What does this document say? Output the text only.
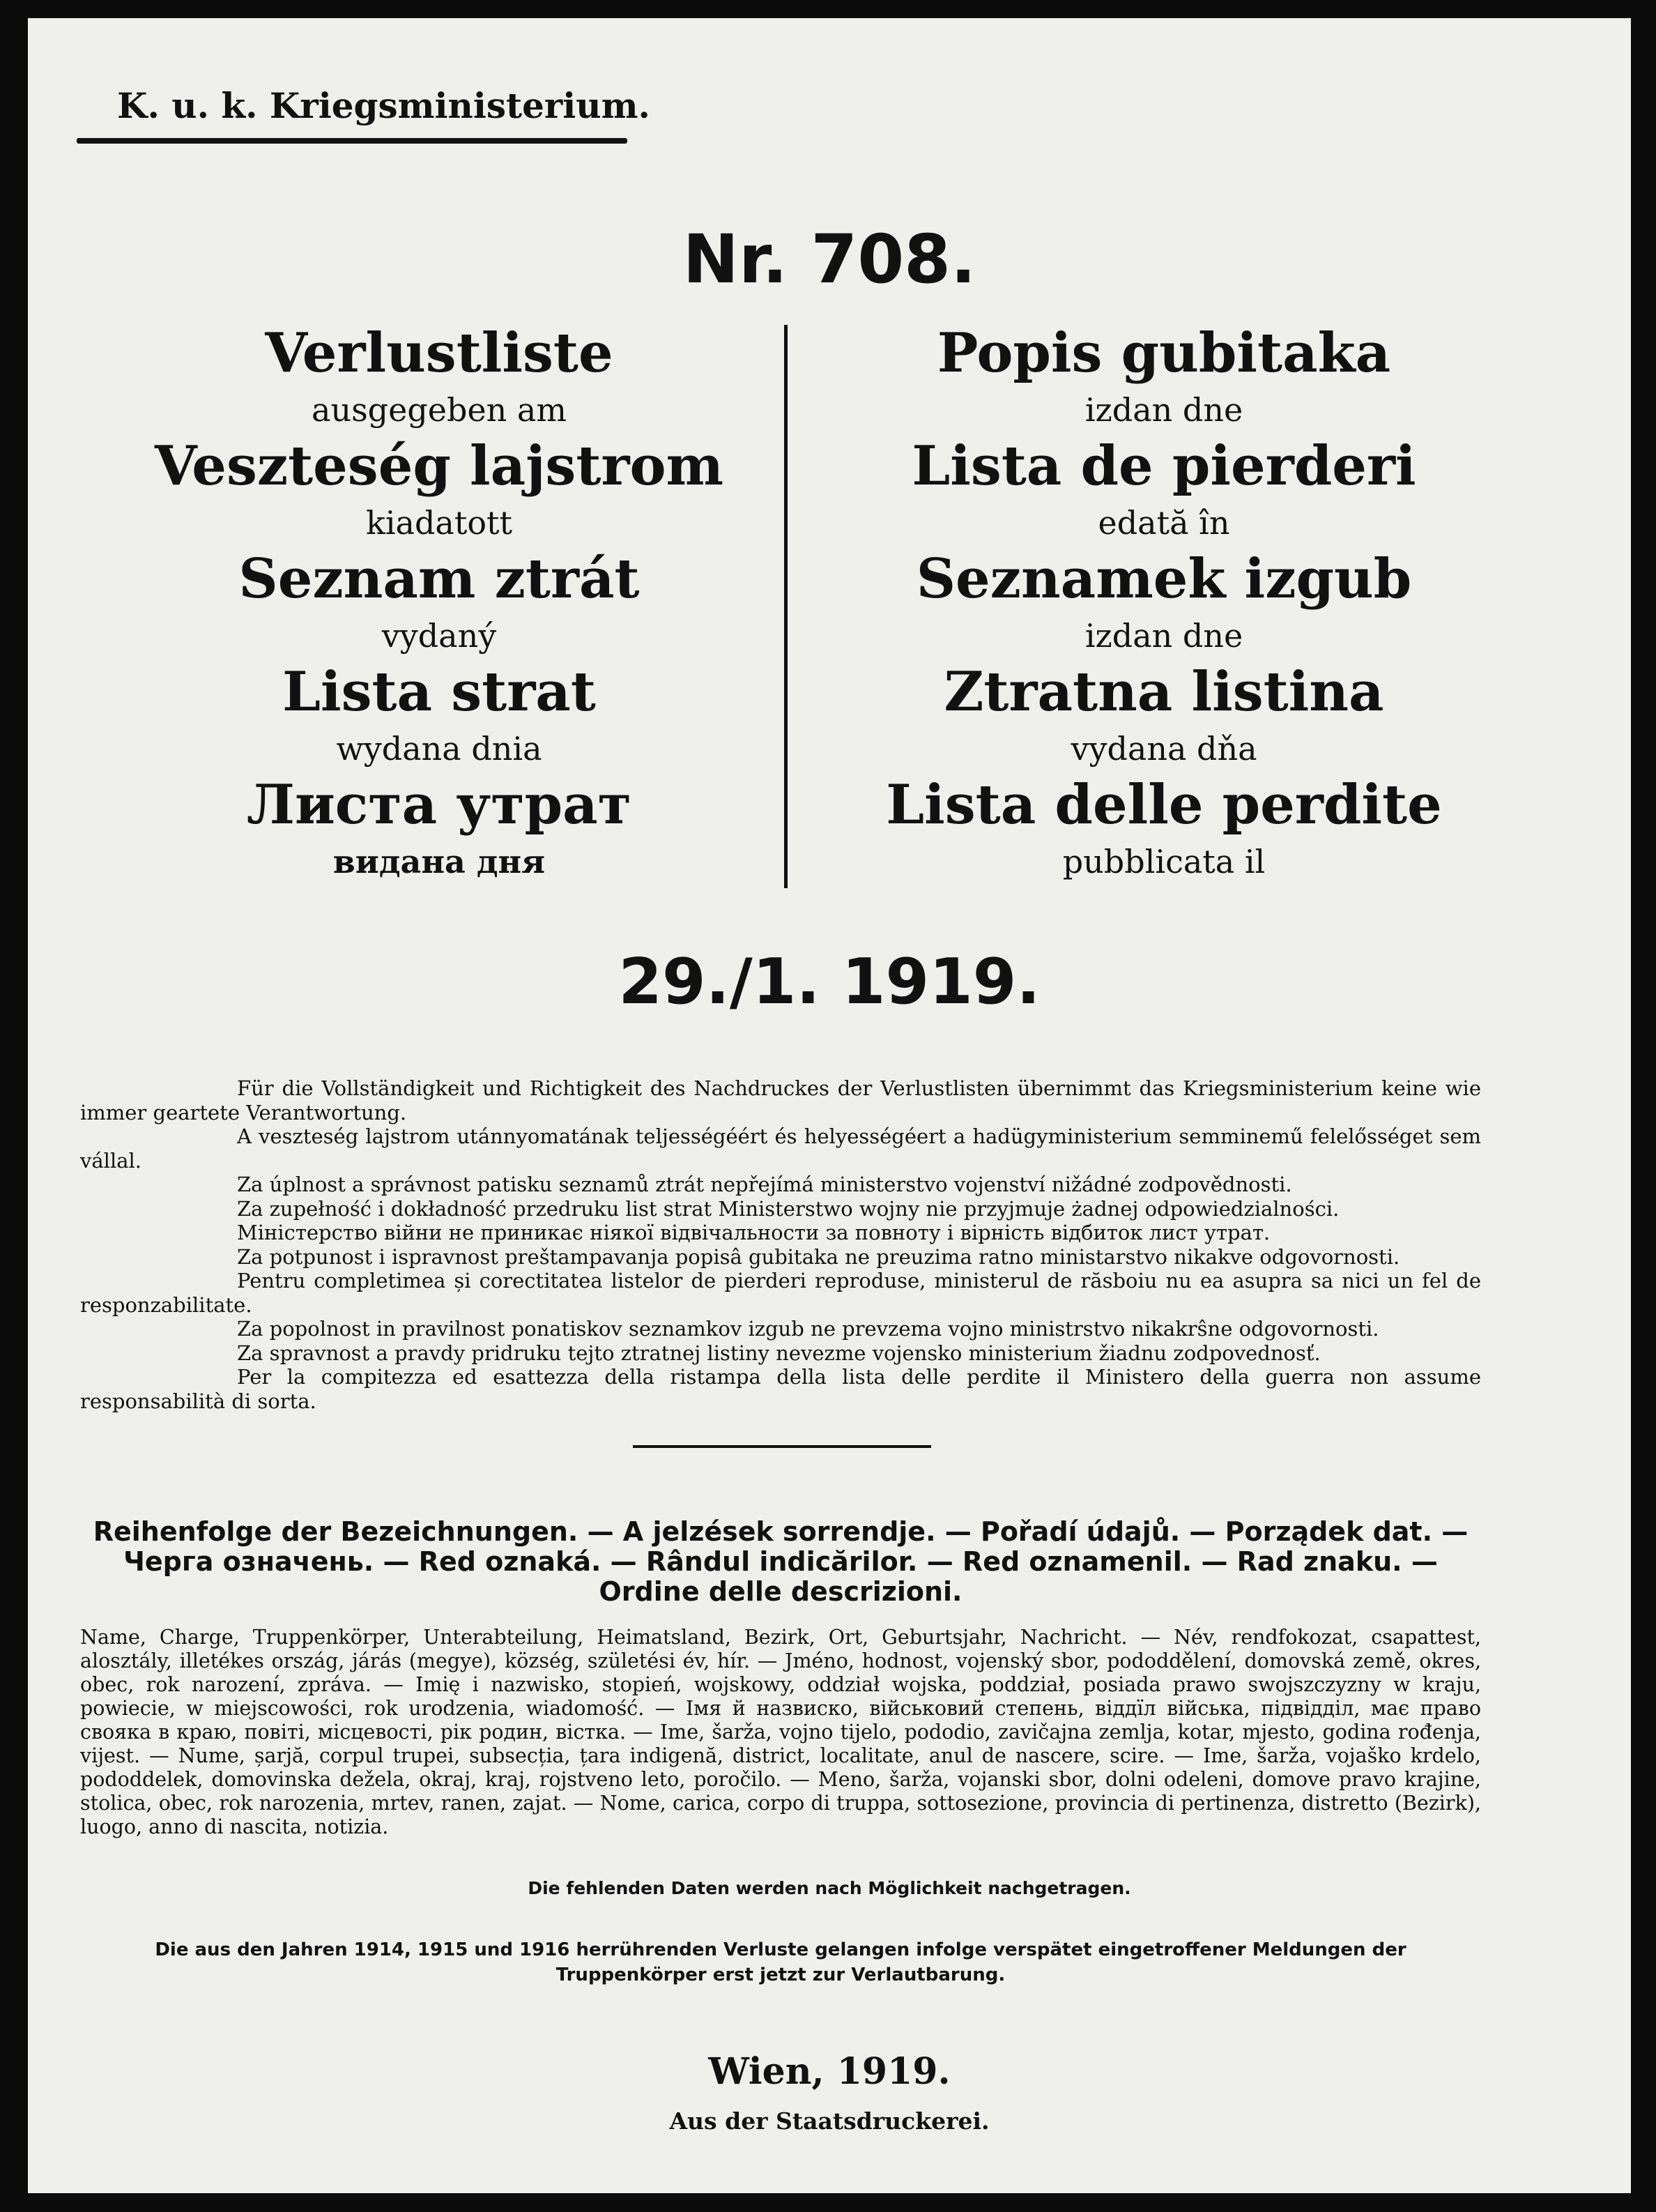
K. u. k. Kriegsministerium.
Nr. 708.
Verlustliste
ausgegeben am
Veszteség lajstrom
kiadatott
Seznam ztrát
vydaný
Lista strat
wydana dnia
Листа утрат
видана дня
Popis gubitaka
izdan dne
Lista de pierderi
edată în
Seznamek izgub
izdan dne
Ztratna listina
vydana dňa
Lista delle perdite
pubblicata il
29./1. 1919.

Für die Vollständigkeit und Richtigkeit des Nachdruckes der Verlustlisten übernimmt das Kriegsministerium keine wie immer geartete Verantwortung.

A veszteség lajstrom utánnyomatának teljességéért és helyességéert a hadügyministerium semminemű felelősséget sem vállal.

Za úplnost a správnost patisku seznamů ztrát nepřejímá ministerstvo vojenství nižádné zodpovědnosti.

Za zupełność i dokładność przedruku list strat Ministerstwo wojny nie przyjmuje żadnej odpowiedzialności.

Міністерство війни не приникає ніякої відвічальности за повноту і вірність відбиток лист утрат.

Za potpunost i ispravnost preštampavanja popisâ gubitaka ne preuzima ratno ministarstvo nikakve odgovornosti.

Pentru completimea și corectitatea listelor de pierderi reproduse, ministerul de răsboiu nu ea asupra sa nici un fel de responzabilitate.

Za popolnost in pravilnost ponatiskov seznamkov izgub ne prevzema vojno ministrstvo nikakrŝne odgovornosti.

Za spravnost a pravdy pridruku tejto ztratnej listiny nevezme vojensko ministerium žiadnu zodpovednosť.

Per la compitezza ed esattezza della ristampa della lista delle perdite il Ministero della guerra non assume responsabilità di sorta.

Reihenfolge der Bezeichnungen. — A jelzések sorrendje. — Pořadí údajů. — Porządek dat. —
Черга означень. — Red oznaká. — Rândul indicărilor. — Red oznamenil. — Rad znaku. —
Ordine delle descrizioni.
Name, Charge, Truppenkörper, Unterabteilung, Heimatsland, Bezirk, Ort, Geburtsjahr, Nachricht. — Név, rendfokozat, csapattest, alosztály, illetékes ország, járás (megye), község, születési év, hír. — Jméno, hodnost, vojenský sbor, pododdělení, domovská země, okres, obec, rok narození, zpráva. — Imię i nazwisko, stopień, wojskowy, oddział wojska, poddział, posiada prawo swojszczyzny w kraju, powiecie, w miejscowości, rok urodzenia, wiadomość. — Імя й назвиско, військовий степень, віддїл війська, підвідділ, має право свояка в краю, повіті, місцевості, рік родин, вістка. — Ime, šarža, vojno tijelo, pododio, zavičajna zemlja, kotar, mjesto, godina rođenja, vijest. — Nume, șarjă, corpul trupei, subsecția, țara indigenă, district, localitate, anul de nascere, scire. — Ime, šarža, vojaško krdelo, pododdelek, domovinska dežela, okraj, kraj, rojstveno leto, poročilo. — Meno, šarža, vojanski sbor, dolni odeleni, domove pravo krajine, stolica, obec, rok narozenia, mrtev, ranen, zajat. — Nome, carica, corpo di truppa, sottosezione, provincia di pertinenza, distretto (Bezirk), luogo, anno di nascita, notizia.
Die fehlenden Daten werden nach Möglichkeit nachgetragen.
Die aus den Jahren 1914, 1915 und 1916 herrührenden Verluste gelangen infolge verspätet eingetroffener Meldungen der Truppenkörper erst jetzt zur Verlautbarung.
Wien, 1919.
Aus der Staatsdruckerei.
